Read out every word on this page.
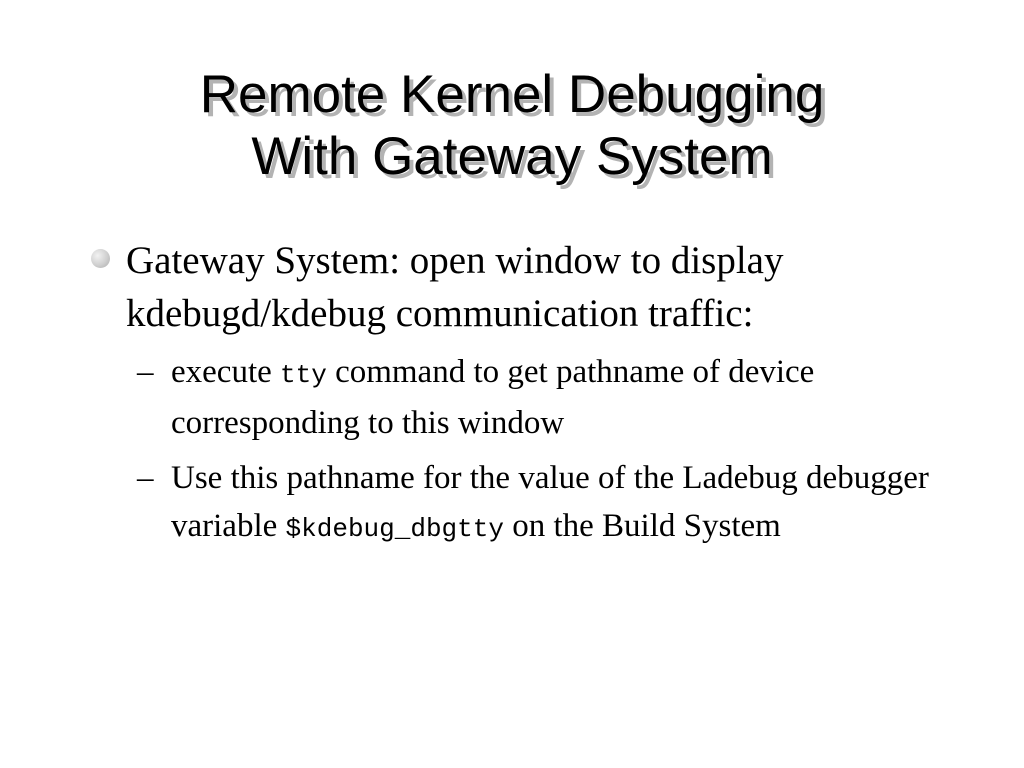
Remote Kernel Debugging
With Gateway System
Gateway System: open window to display kdebugd/kdebug communication traffic:
– execute tty command to get pathname of device corresponding to this window
– Use this pathname for the value of the Ladebug debugger variable $kdebug_dbgtty on the Build System
